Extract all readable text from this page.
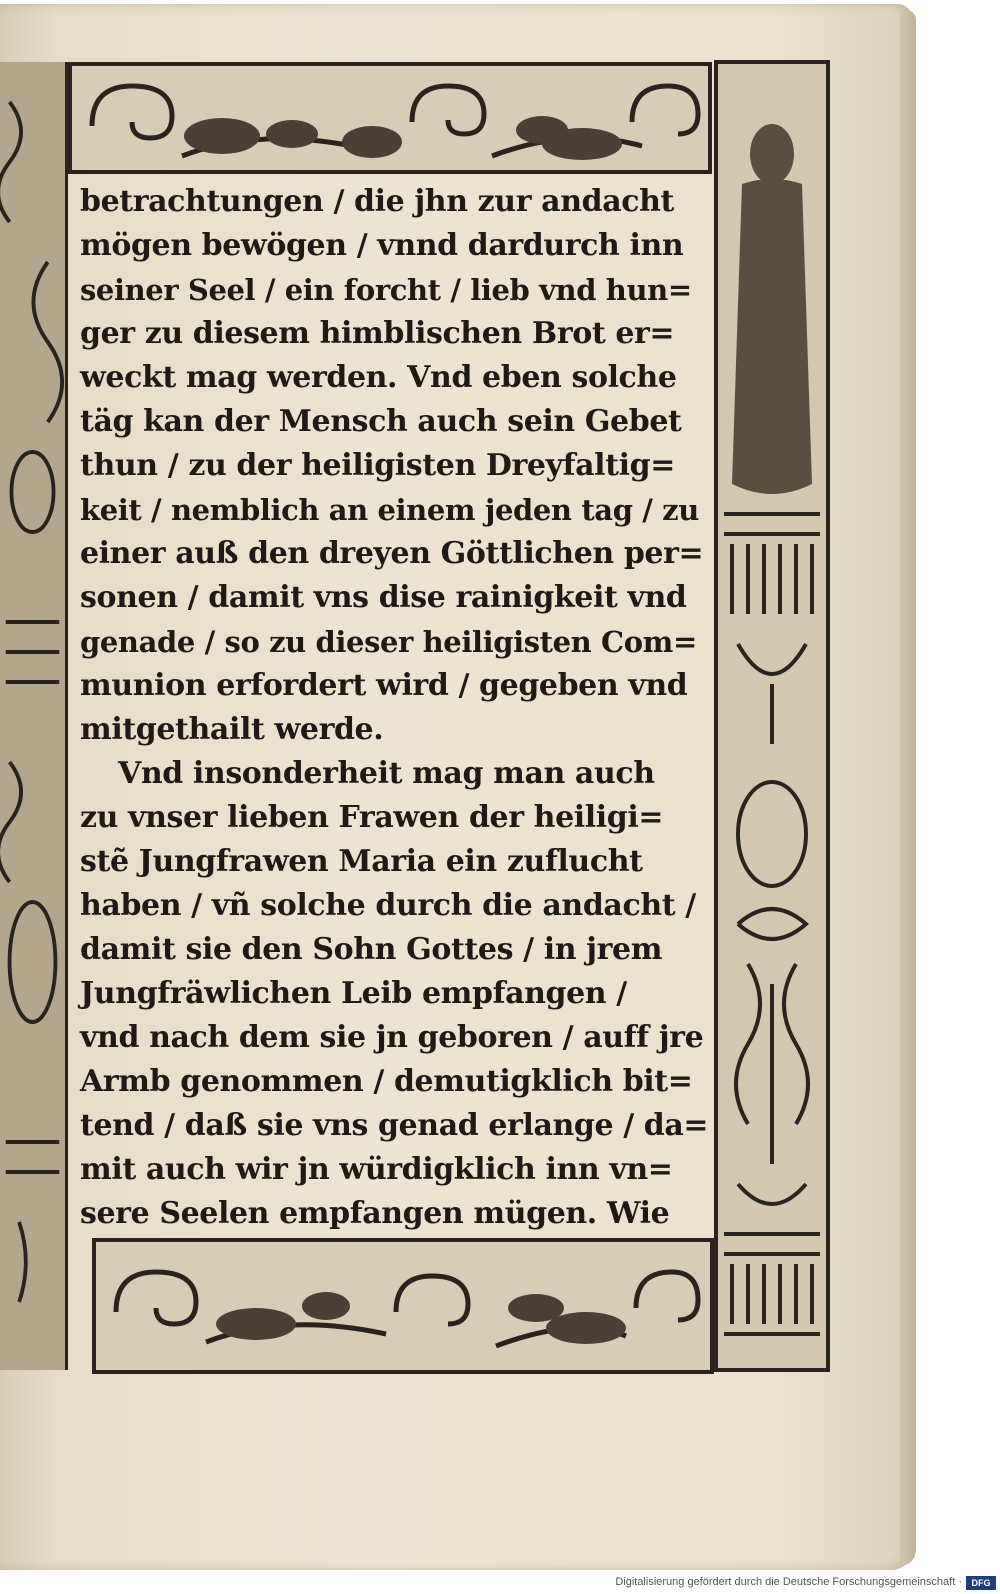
betrachtungen / die jhn zur andacht
mögen bewögen / vnnd dardurch inn
seiner Seel / ein forcht / lieb vnd hun=
ger zu diesem himblischen Brot er=
weckt mag werden. Vnd eben solche
täg kan der Mensch auch sein Gebet
thun / zu der heiligisten Dreyfaltig=
keit / nemblich an einem jeden tag / zu
einer auß den dreyen Göttlichen per=
sonen / damit vns dise rainigkeit vnd
genade / so zu dieser heiligisten Com=
munion erfordert wird / gegeben vnd
mitgethailt werde.
Vnd insonderheit mag man auch
zu vnser lieben Frawen der heiligi=
stẽ Jungfrawen Maria ein zuflucht
haben / vñ solche durch die andacht /
damit sie den Sohn Gottes / in jrem
Jungfräwlichen Leib empfangen /
vnd nach dem sie jn geboren / auff jre
Armb genommen / demutigklich bit=
tend / daß sie vns genad erlange / da=
mit auch wir jn würdigklich inn vn=
sere Seelen empfangen mügen. Wie
Digitalisierung gefördert durch die Deutsche Forschungsgemeinschaft ·	DFG
